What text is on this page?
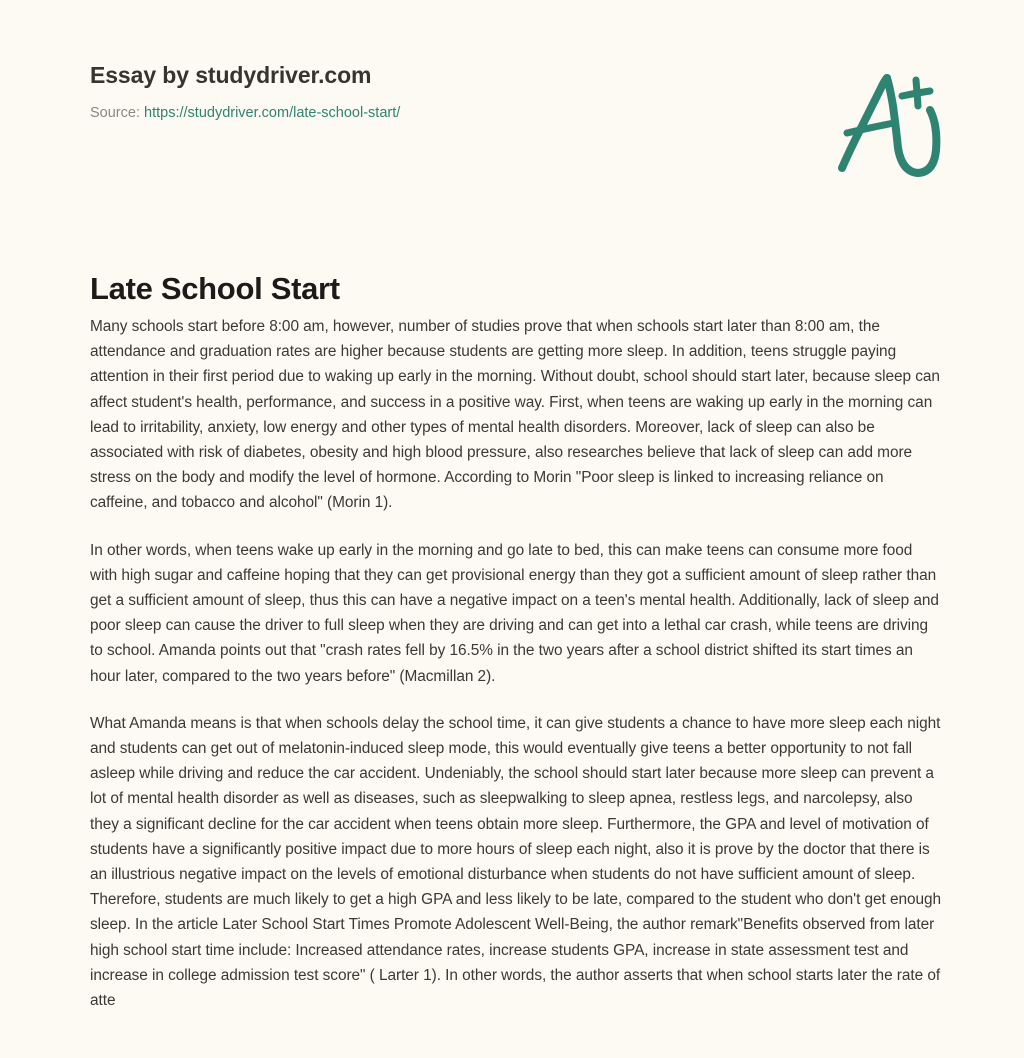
Essay by studydriver.com
Source: https://studydriver.com/late-school-start/
Late School Start

Many schools start before 8:00 am, however, number of studies prove that when schools start later than 8:00 am, the attendance and graduation rates are higher because students are getting more sleep. In addition, teens struggle paying attention in their first period due to waking up early in the morning. Without doubt, school should start later, because sleep can affect student's health, performance, and success in a positive way. First, when teens are waking up early in the morning can lead to irritability, anxiety, low energy and other types of mental health disorders. Moreover, lack of sleep can also be associated with risk of diabetes, obesity and high blood pressure, also researches believe that lack of sleep can add more stress on the body and modify the level of hormone. According to Morin "Poor sleep is linked to increasing reliance on caffeine, and tobacco and alcohol" (Morin 1).

In other words, when teens wake up early in the morning and go late to bed, this can make teens can consume more food with high sugar and caffeine hoping that they can get provisional energy than they got a sufficient amount of sleep rather than get a sufficient amount of sleep, thus this can have a negative impact on a teen's mental health. Additionally, lack of sleep and poor sleep can cause the driver to full sleep when they are driving and can get into a lethal car crash, while teens are driving to school. Amanda points out that "crash rates fell by 16.5% in the two years after a school district shifted its start times an hour later, compared to the two years before" (Macmillan 2).

What Amanda means is that when schools delay the school time, it can give students a chance to have more sleep each night and students can get out of melatonin-induced sleep mode, this would eventually give teens a better opportunity to not fall asleep while driving and reduce the car accident. Undeniably, the school should start later because more sleep can prevent a lot of mental health disorder as well as diseases, such as sleepwalking to sleep apnea, restless legs, and narcolepsy, also they a significant decline for the car accident when teens obtain more sleep. Furthermore, the GPA and level of motivation of students have a significantly positive impact due to more hours of sleep each night, also it is prove by the doctor that there is an illustrious negative impact on the levels of emotional disturbance when students do not have sufficient amount of sleep. Therefore, students are much likely to get a high GPA and less likely to be late, compared to the student who don't get enough sleep. In the article Later School Start Times Promote Adolescent Well-Being, the author remark"Benefits observed from later high school start time include: Increased attendance rates, increase students GPA, increase in state assessment test and increase in college admission test score" ( Larter 1). In other words, the author asserts that when school starts later the rate of atte
